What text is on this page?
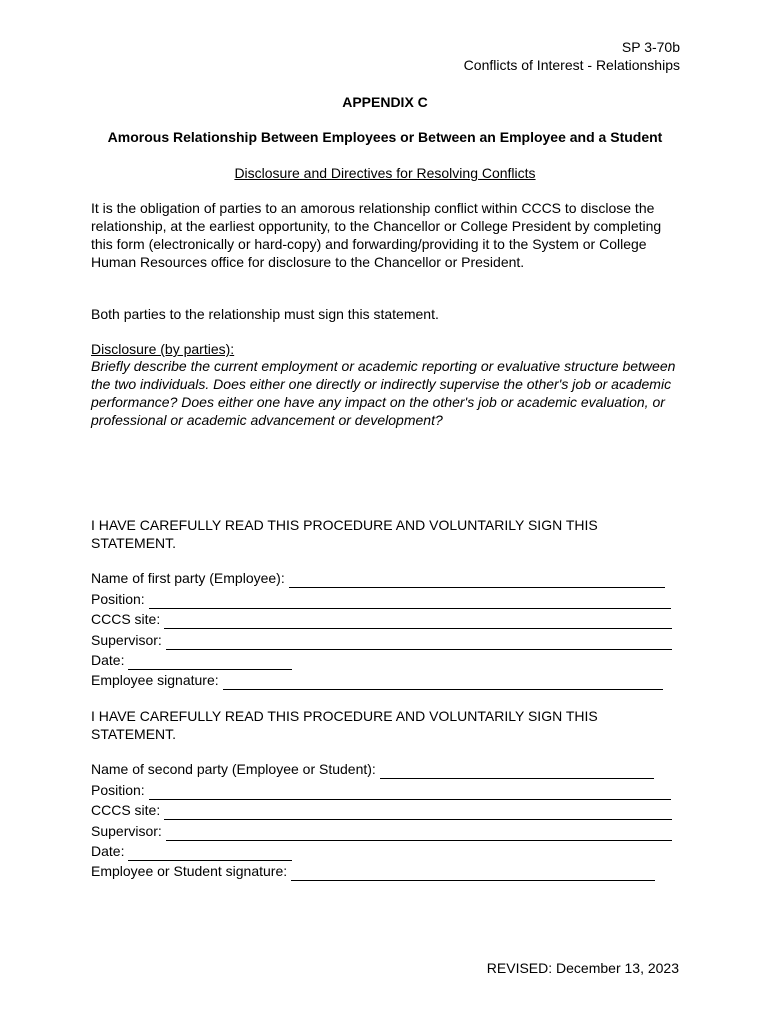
SP 3-70b
Conflicts of Interest - Relationships
APPENDIX C
Amorous Relationship Between Employees or Between an Employee and a Student
Disclosure and Directives for Resolving Conflicts
It is the obligation of parties to an amorous relationship conflict within CCCS to disclose the relationship, at the earliest opportunity, to the Chancellor or College President by completing this form (electronically or hard-copy) and forwarding/providing it to the System or College Human Resources office for disclosure to the Chancellor or President.
Both parties to the relationship must sign this statement.
Disclosure (by parties):
Briefly describe the current employment or academic reporting or evaluative structure between the two individuals. Does either one directly or indirectly supervise the other's job or academic performance? Does either one have any impact on the other's job or academic evaluation, or professional or academic advancement or development?
I HAVE CAREFULLY READ THIS PROCEDURE AND VOLUNTARILY SIGN THIS STATEMENT.
Name of first party (Employee):
Position:
CCCS site:
Supervisor:
Date:
Employee signature:
I HAVE CAREFULLY READ THIS PROCEDURE AND VOLUNTARILY SIGN THIS STATEMENT.
Name of second party (Employee or Student):
Position:
CCCS site:
Supervisor:
Date:
Employee or Student signature:
REVISED: December 13, 2023
